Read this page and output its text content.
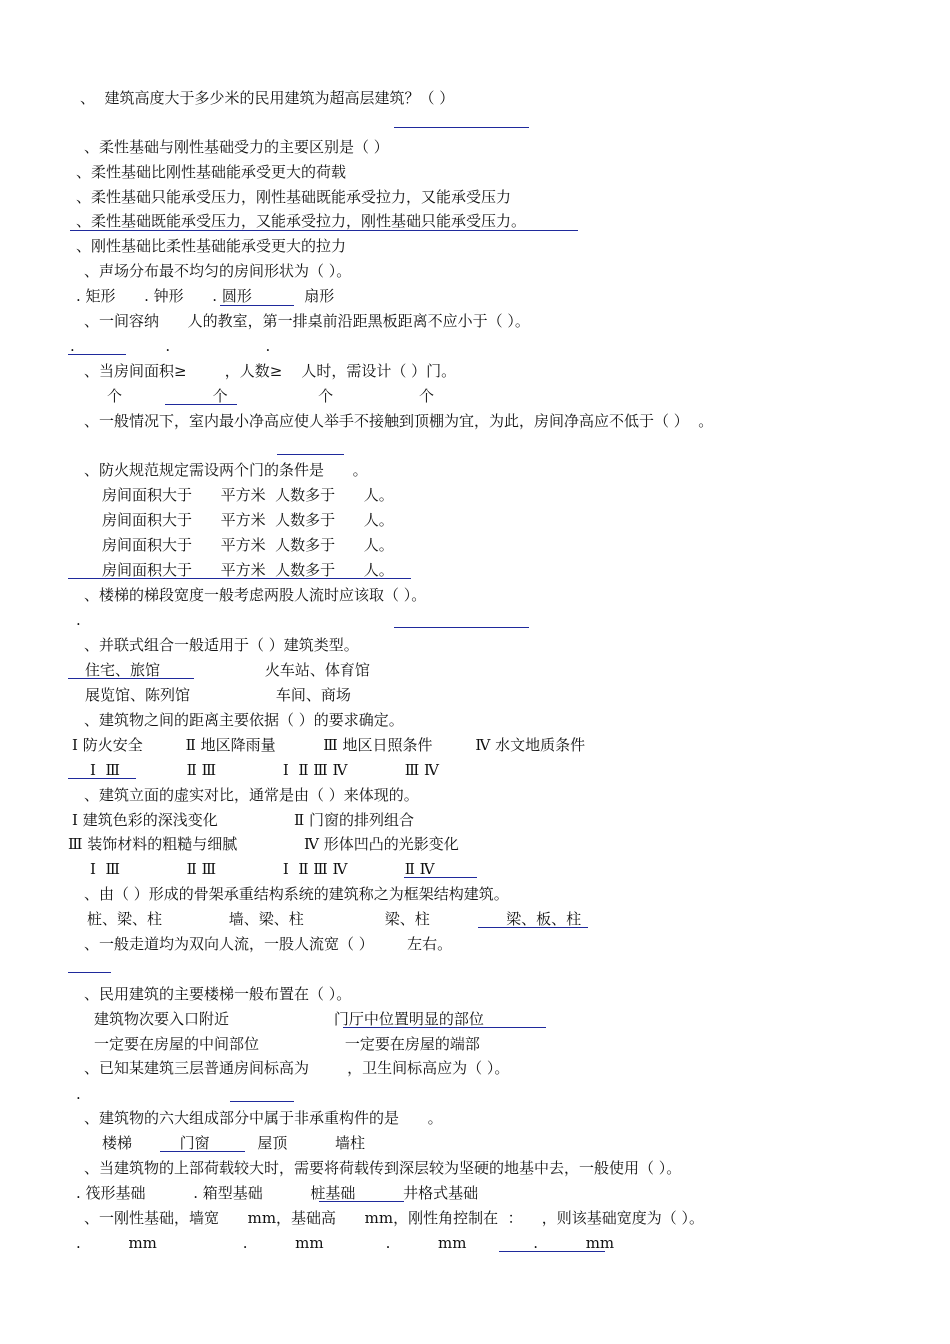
、  建筑高度大于多少米的民用建筑为超高层建筑？（ ）
、柔性基础与刚性基础受力的主要区别是（ ）
、柔性基础比刚性基础能承受更大的荷载
、柔性基础只能承受压力，刚性基础既能承受拉力，又能承受压力
、柔性基础既能承受压力，又能承受拉力，刚性基础只能承受压力。
、刚性基础比柔性基础能承受更大的拉力
、声场分布最不均匀的房间形状为（ ）。
. 矩形      . 钟形      . 圆形           扇形
、一间容纳      人的教室，第一排桌前沿距黑板距离不应小于（ ）。
.                   .                    .
、当房间面积≥        ，人数≥    人时，需设计（ ）门。
个                   个                   个                  个
、一般情况下，室内最小净高应使人举手不接触到顶棚为宜，为此，房间净高应不低于（ ）  。
、防火规范规定需设两个门的条件是      。
房间面积大于      平方米  人数多于      人。
房间面积大于      平方米  人数多于      人。
房间面积大于      平方米  人数多于      人。
房间面积大于      平方米  人数多于      人。
、楼梯的梯段宽度一般考虑两股人流时应该取（ ）。
.
、并联式组合一般适用于（ ）建筑类型。
住宅、旅馆                      火车站、体育馆
展览馆、陈列馆                  车间、商场
、建筑物之间的距离主要依据（ ）的要求确定。
Ⅰ 防火安全         Ⅱ 地区降雨量          Ⅲ 地区日照条件         Ⅳ 水文地质条件
Ⅰ  Ⅲ              Ⅱ Ⅲ              Ⅰ  Ⅱ Ⅲ Ⅳ            Ⅲ Ⅳ
、建筑立面的虚实对比，通常是由（ ）来体现的。
Ⅰ 建筑色彩的深浅变化                Ⅱ 门窗的排列组合
Ⅲ 装饰材料的粗糙与细腻              Ⅳ 形体凹凸的光影变化
Ⅰ  Ⅲ              Ⅱ Ⅲ              Ⅰ  Ⅱ Ⅲ Ⅳ            Ⅱ Ⅳ
、由（ ）形成的骨架承重结构系统的建筑称之为框架结构建筑。
桩、梁、柱              墙、梁、柱                 梁、柱                梁、板、柱
、一般走道均为双向人流，一股人流宽（ ）       左右。
、民用建筑的主要楼梯一般布置在（ ）。
建筑物次要入口附近                      门厅中位置明显的部位
一定要在房屋的中间部位                  一定要在房屋的端部
、已知某建筑三层普通房间标高为        ，卫生间标高应为（ ）。
.
、建筑物的六大组成部分中属于非承重构件的是      。
楼梯          门窗          屋顶          墙柱
、当建筑物的上部荷载较大时，需要将荷载传到深层较为坚硬的地基中去，一般使用（ ）。
. 筏形基础          . 箱型基础          桩基础          井格式基础
、一刚性基础，墙宽      mm，基础高      mm，刚性角控制在  ：    ，则该基础宽度为（ ）。
.          mm                  .          mm             .          mm              .          mm
